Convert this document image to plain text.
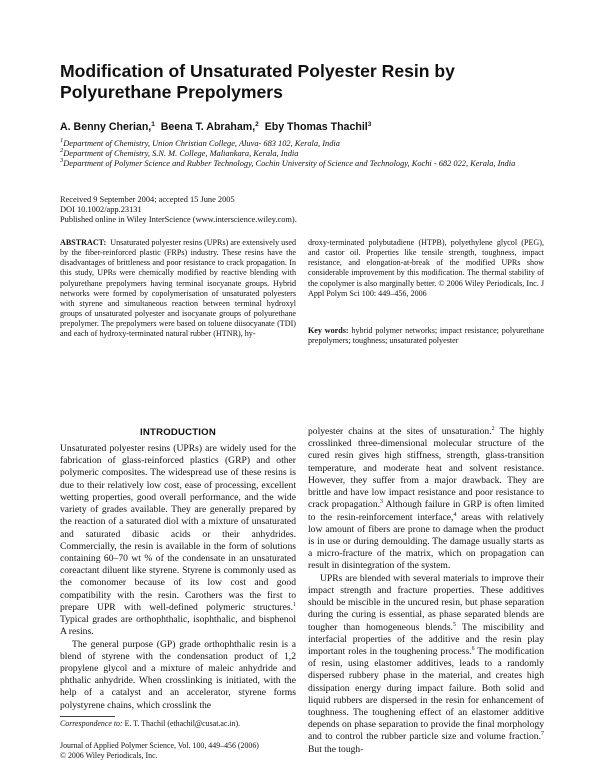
Modification of Unsaturated Polyester Resin by Polyurethane Prepolymers
A. Benny Cherian,$^1$ Beena T. Abraham,$^2$ Eby Thomas Thachil$^3$
$^1$Department of Chemistry, Union Christian College, Aluva- 683 102, Kerala, India
$^2$Department of Chemistry, S.N. M. College, Maliankara, Kerala, India
$^3$Department of Polymer Science and Rubber Technology, Cochin University of Science and Technology, Kochi - 682 022, Kerala, India
Received 9 September 2004; accepted 15 June 2005
DOI 10.1002/app.23131
Published online in Wiley InterScience (www.interscience.wiley.com).
ABSTRACT: Unsaturated polyester resins (UPRs) are extensively used by the fiber-reinforced plastic (FRPs) industry. These resins have the disadvantages of brittleness and poor resistance to crack propagation. In this study, UPRs were chemically modified by reactive blending with polyurethane prepolymers having terminal isocyanate groups. Hybrid networks were formed by copolymerisation of unsaturated polyesters with styrene and simultaneous reaction between terminal hydroxyl groups of unsaturated polyester and isocyanate groups of polyurethane prepolymer. The prepolymers were based on toluene diisocyanate (TDI) and each of hydroxy-terminated natural rubber (HTNR), hy-
droxy-terminated polybutadiene (HTPB), polyethylene glycol (PEG), and castor oil. Properties like tensile strength, toughness, impact resistance, and elongation-at-break of the modified UPRs show considerable improvement by this modification. The thermal stability of the copolymer is also marginally better. © 2006 Wiley Periodicals, Inc. J Appl Polym Sci 100: 449–456, 2006
Key words: hybrid polymer networks; impact resistance; polyurethane prepolymers; toughness; unsaturated polyester
INTRODUCTION

Unsaturated polyester resins (UPRs) are widely used for the fabrication of glass-reinforced plastics (GRP) and other polymeric composites. The widespread use of these resins is due to their relatively low cost, ease of processing, excellent wetting properties, good overall performance, and the wide variety of grades available. They are generally prepared by the reaction of a saturated diol with a mixture of unsaturated and saturated dibasic acids or their anhydrides. Commercially, the resin is available in the form of solutions containing 60–70 wt % of the condensate in an unsaturated coreactant diluent like styrene. Styrene is commonly used as the comonomer because of its low cost and good compatibility with the resin. Carothers was the first to prepare UPR with well-defined polymeric structures.$^1$ Typical grades are orthophthalic, isophthalic, and bisphenol A resins.

The general purpose (GP) grade orthophthalic resin is a blend of styrene with the condensation product of 1,2 propylene glycol and a mixture of maleic anhydride and phthalic anhydride. When crosslinking is initiated, with the help of a catalyst and an accelerator, styrene forms polystyrene chains, which crosslink the

polyester chains at the sites of unsaturation.$^2$ The highly crosslinked three-dimensional molecular structure of the cured resin gives high stiffness, strength, glass-transition temperature, and moderate heat and solvent resistance. However, they suffer from a major drawback. They are brittle and have low impact resistance and poor resistance to crack propagation.$^3$ Although failure in GRP is often limited to the resin-reinforcement interface,$^4$ areas with relatively low amount of fibers are prone to damage when the product is in use or during demoulding. The damage usually starts as a micro-fracture of the matrix, which on propagation can result in disintegration of the system.

UPRs are blended with several materials to improve their impact strength and fracture properties. These additives should be miscible in the uncured resin, but phase separation during the curing is essential, as phase separated blends are tougher than homogeneous blends.$^5$ The miscibility and interfacial properties of the additive and the resin play important roles in the toughening process.$^6$ The modification of resin, using elastomer additives, leads to a randomly dispersed rubbery phase in the material, and creates high dissipation energy during impact failure. Both solid and liquid rubbers are dispersed in the resin for enhancement of toughness. The toughening effect of an elastomer additive depends on phase separation to provide the final morphology and to control the rubber particle size and volume fraction.$^7$ But the tough-

Correspondence to: E. T. Thachil (ethachil@cusat.ac.in).
Journal of Applied Polymer Science, Vol. 100, 449–456 (2006)
© 2006 Wiley Periodicals, Inc.
